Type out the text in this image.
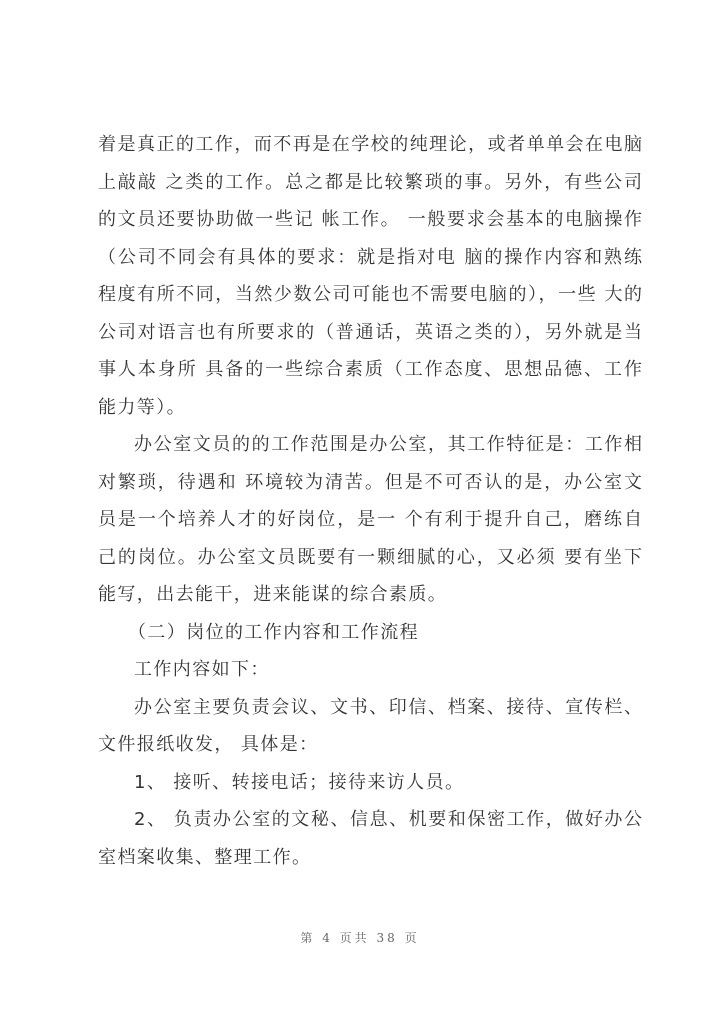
着是真正的工作，而不再是在学校的纯理论，或者单单会在电脑
上敲敲 之类的工作。总之都是比较繁琐的事。另外，有些公司
的文员还要协助做一些记 帐工作。 一般要求会基本的电脑操作
（公司不同会有具体的要求：就是指对电 脑的操作内容和熟练
程度有所不同，当然少数公司可能也不需要电脑的），一些 大的
公司对语言也有所要求的（普通话，英语之类的），另外就是当
事人本身所 具备的一些综合素质（工作态度、思想品德、工作
能力等）。
办公室文员的的工作范围是办公室，其工作特征是：工作相
对繁琐，待遇和 环境较为清苦。但是不可否认的是，办公室文
员是一个培养人才的好岗位，是一 个有利于提升自己，磨练自
己的岗位。办公室文员既要有一颗细腻的心，又必须 要有坐下
能写，出去能干，进来能谋的综合素质。
（二）岗位的工作内容和工作流程
工作内容如下：
办公室主要负责会议、文书、印信、档案、接待、宣传栏、
文件报纸收发， 具体是：
1、 接听、转接电话；接待来访人员。
2、 负责办公室的文秘、信息、机要和保密工作，做好办公
室档案收集、整理工作。
第 4 页共 38 页
